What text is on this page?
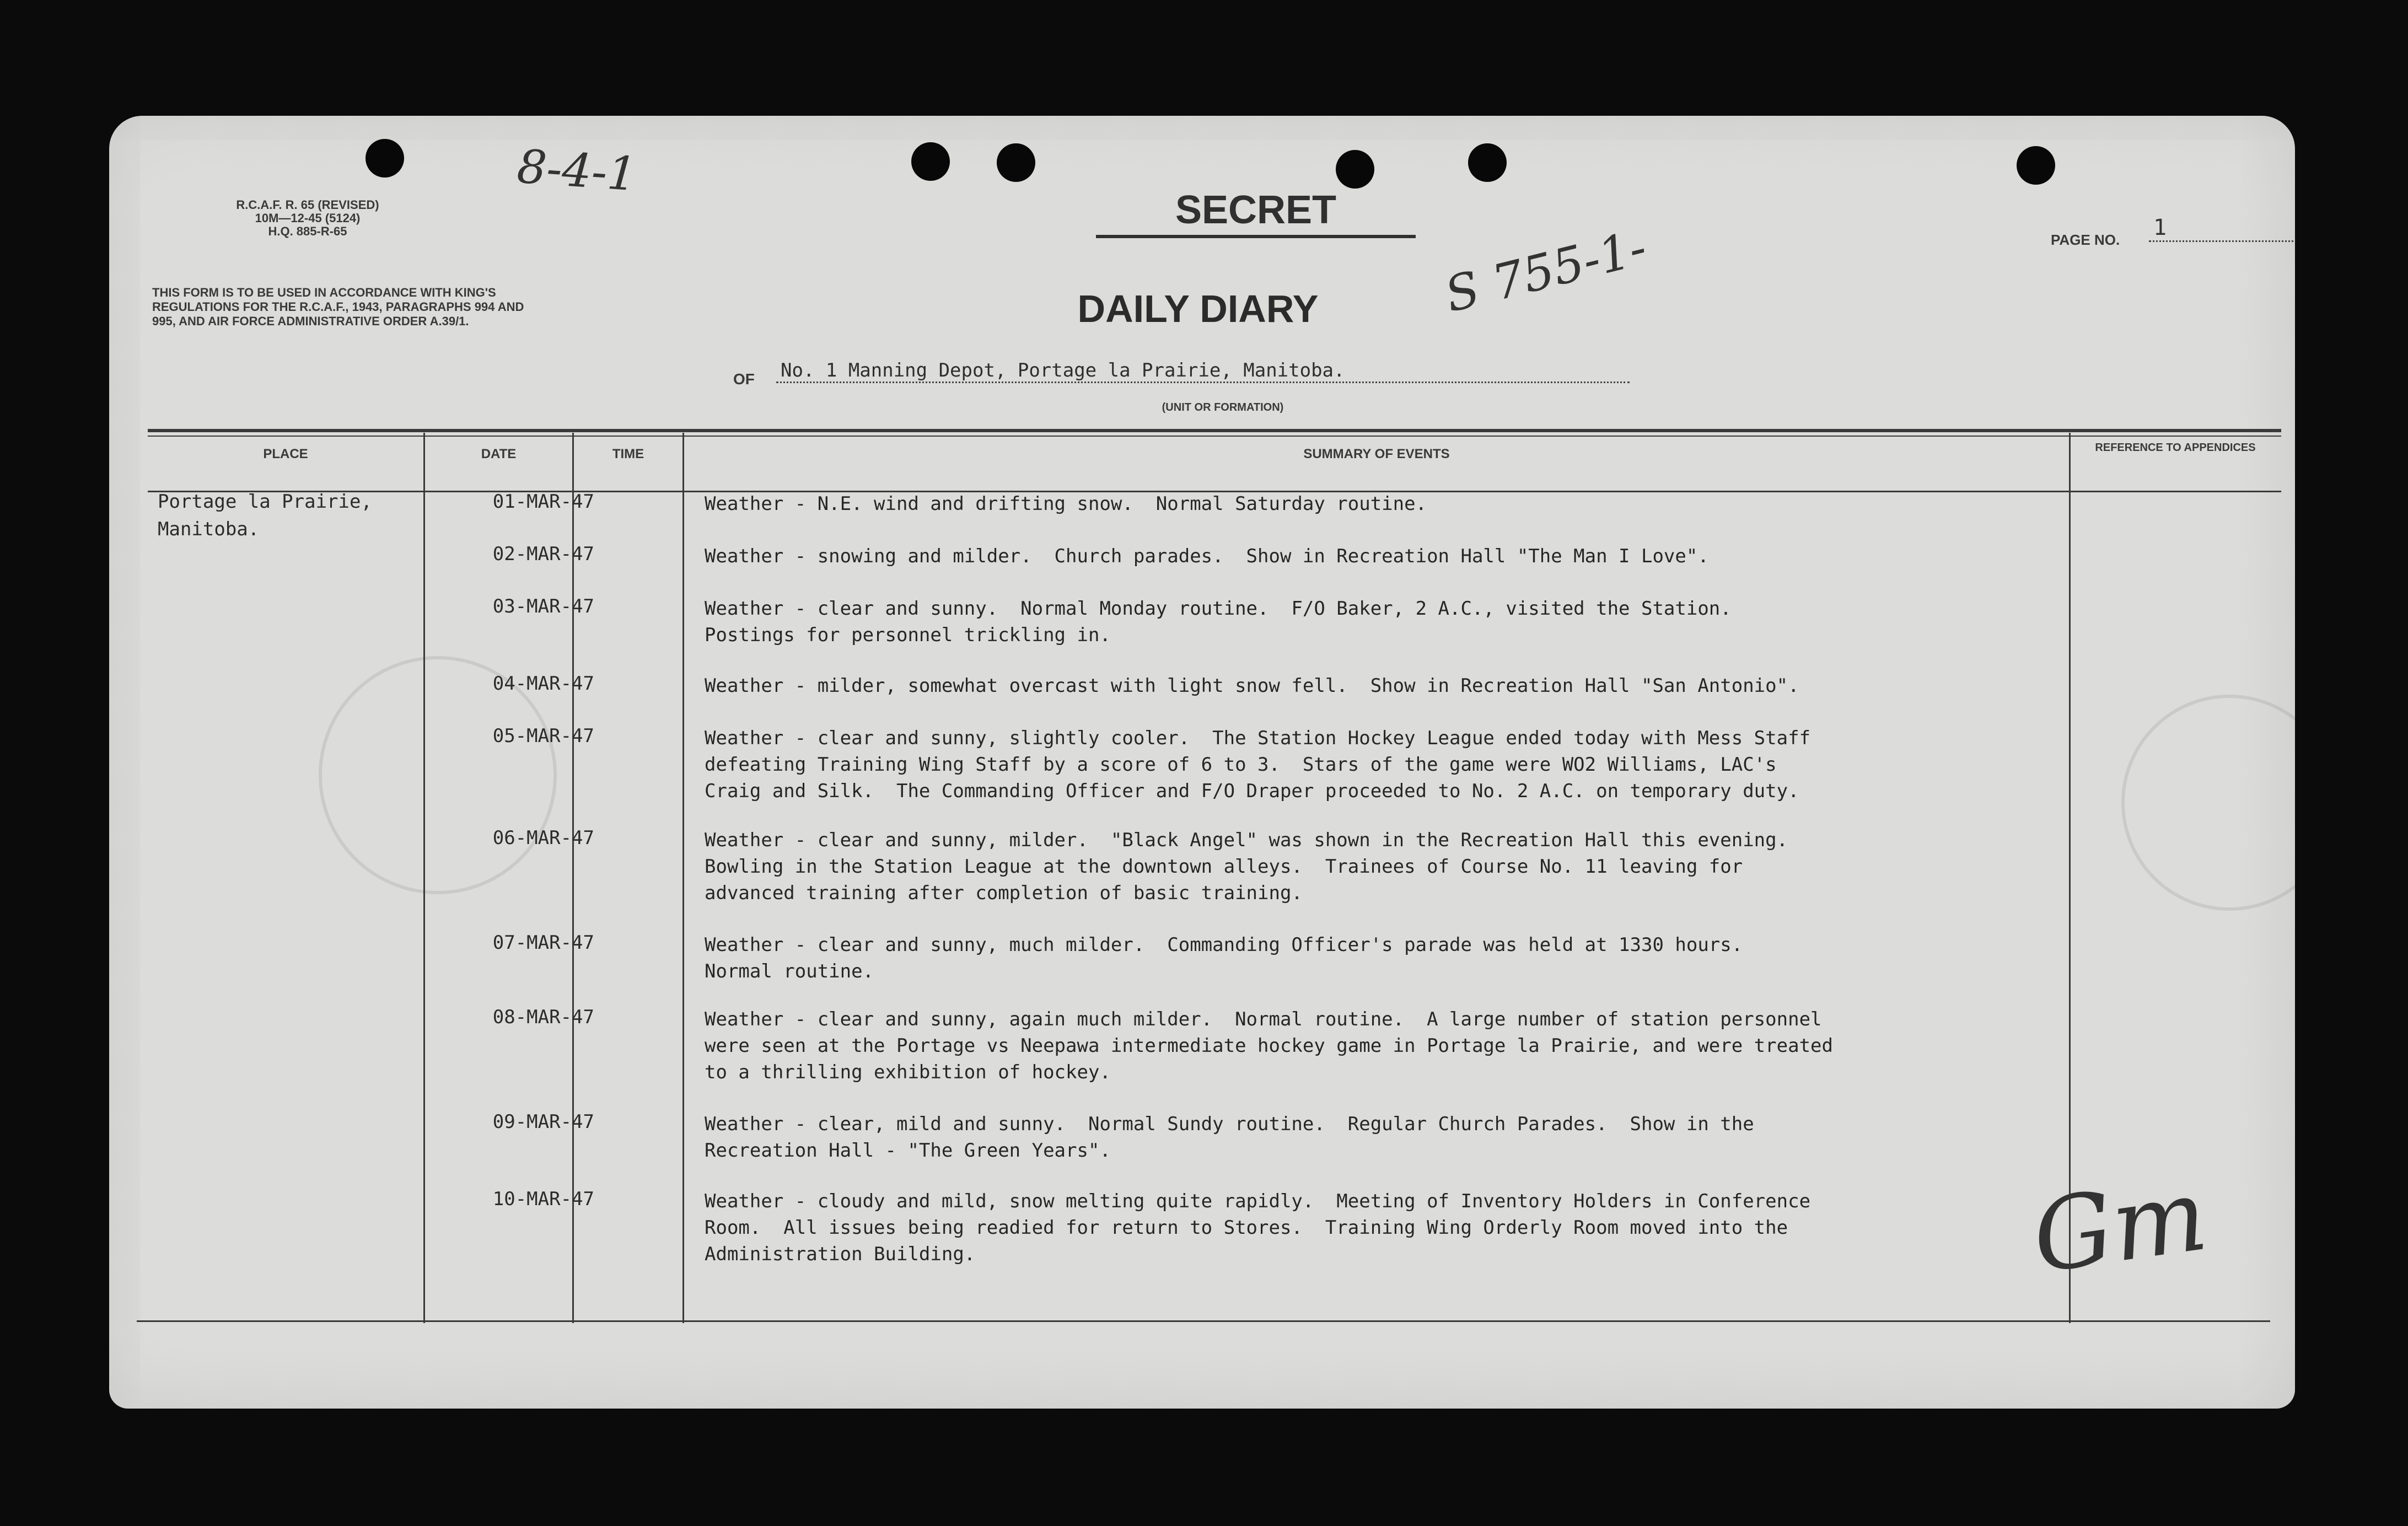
R.C.A.F. R. 65 (REVISED)
10M—12-45 (5124)
H.Q. 885-R-65
THIS FORM IS TO BE USED IN ACCORDANCE WITH KING'S REGULATIONS FOR THE R.C.A.F., 1943, PARAGRAPHS 994 AND 995, AND AIR FORCE ADMINISTRATIVE ORDER A.39/1.
SECRET
PAGE NO. 1
DAILY DIARY
OF No. 1 Manning Depot, Portage la Prairie, Manitoba.
(UNIT OR FORMATION)
8-4-1
S 755-1-
PLACE	DATE	TIME	SUMMARY OF EVENTS	REFERENCE TO APPENDICES
Portage la Prairie, Manitoba.
01-MAR-47	Weather - N.E. wind and drifting snow.  Normal Saturday routine.
02-MAR-47	Weather - snowing and milder.  Church parades.  Show in Recreation Hall "The Man I Love".
03-MAR-47	Weather - clear and sunny.  Normal Monday routine.  F/O Baker, 2 A.C., visited the Station.
Postings for personnel trickling in.
04-MAR-47	Weather - milder, somewhat overcast with light snow fell.  Show in Recreation Hall "San Antonio".
05-MAR-47	Weather - clear and sunny, slightly cooler.  The Station Hockey League ended today with Mess Staff
defeating Training Wing Staff by a score of 6 to 3.  Stars of the game were WO2 Williams, LAC's
Craig and Silk.  The Commanding Officer and F/O Draper proceeded to No. 2 A.C. on temporary duty.
06-MAR-47	Weather - clear and sunny, milder.  "Black Angel" was shown in the Recreation Hall this evening.
Bowling in the Station League at the downtown alleys.  Trainees of Course No. 11 leaving for
advanced training after completion of basic training.
07-MAR-47	Weather - clear and sunny, much milder.  Commanding Officer's parade was held at 1330 hours.
Normal routine.
08-MAR-47	Weather - clear and sunny, again much milder.  Normal routine.  A large number of station personnel
were seen at the Portage vs Neepawa intermediate hockey game in Portage la Prairie, and were treated
to a thrilling exhibition of hockey.
09-MAR-47	Weather - clear, mild and sunny.  Normal Sundy routine.  Regular Church Parades.  Show in the
Recreation Hall - "The Green Years".
10-MAR-47	Weather - cloudy and mild, snow melting quite rapidly.  Meeting of Inventory Holders in Conference
Room.  All issues being readied for return to Stores.  Training Wing Orderly Room moved into the
Administration Building.	Gm
